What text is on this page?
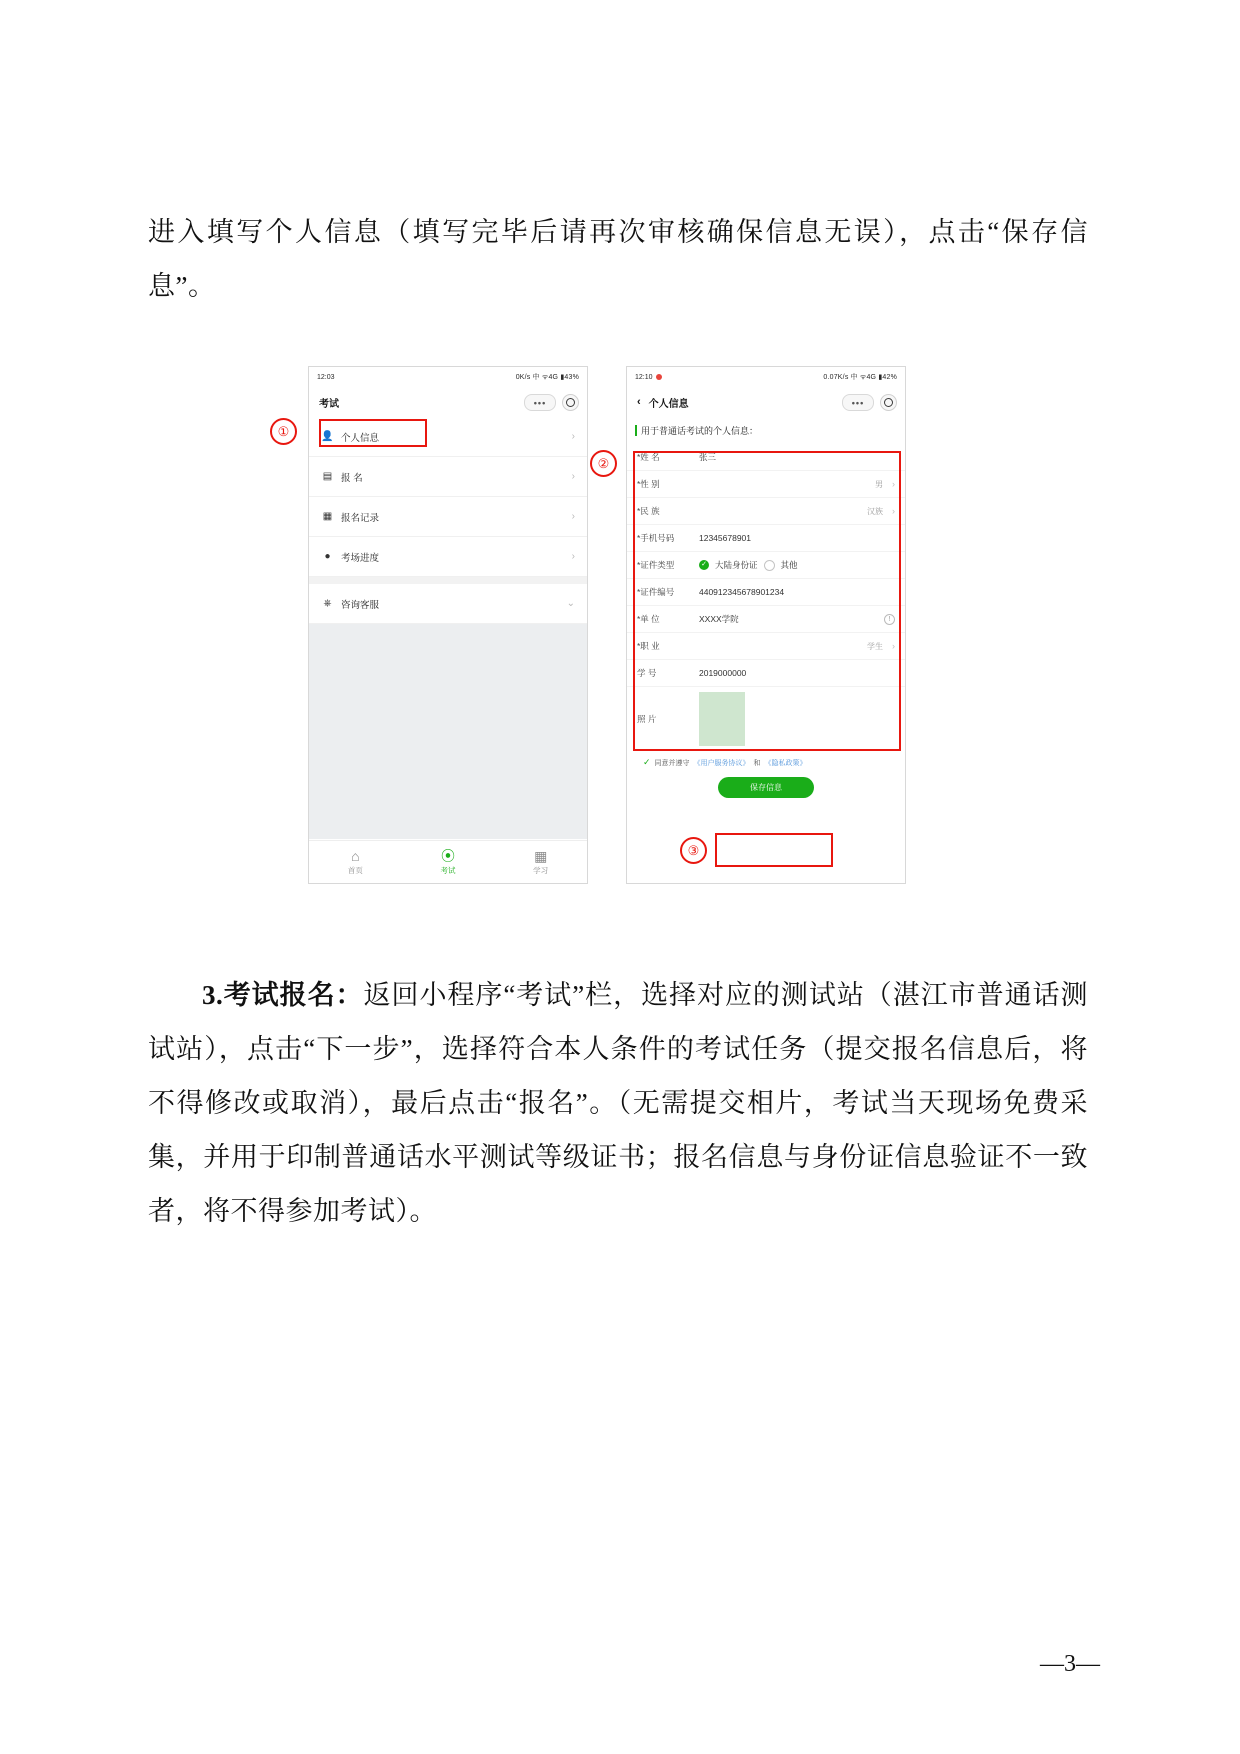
进入填写个人信息（填写完毕后请再次审核确保信息无误），点击“保存信息”。
12:03	0K/s 中 ᯤ4G ▮43%
考试	•••
👤 个人信息	›
▤ 报 名	›
▦ 报名记录	›
●	考场进度	›
⎈ 咨询客服	⌄
⌂
首页
⦿
考试
▦
学习
①
12:10	0.07K/s 中 ᯤ4G ▮42%
‹ 个人信息	•••
用于普通话考试的个人信息：
*姓 名	张三
*性 别	男 ›
*民 族	汉族 ›
*手机号码	12345678901
*证件类型	✓ 大陆身份证	其他
*证件编号	440912345678901234
*单 位	XXXX学院	!
*职 业	学生 ›
学 号	2019000000
照 片
✓ 同意并遵守 《用户服务协议》 和 《隐私政策》
保存信息
②
③
3.考试报名：返回小程序“考试”栏，选择对应的测试站（湛江市普通话测试站），点击“下一步”，选择符合本人条件的考试任务（提交报名信息后，将不得修改或取消），最后点击“报名”。（无需提交相片，考试当天现场免费采集，并用于印制普通话水平测试等级证书；报名信息与身份证信息验证不一致者，将不得参加考试）。
—3—
